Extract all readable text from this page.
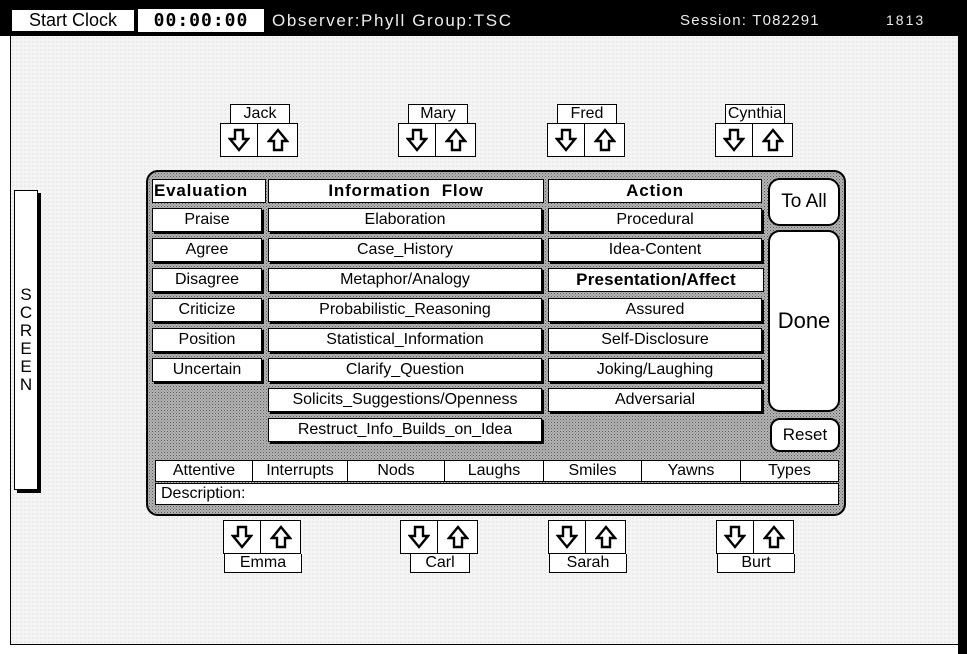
Start Clock	00:00:00	Observer:Phyll Group:TSC	Session: T082291	1813
SCREEN
Jack	Mary	Fred	Cynthia
Evaluation
Praise
Agree
Disagree
Criticize
Position
Uncertain
Information  Flow
Elaboration
Case_History
Metaphor/Analogy
Probabilistic_Reasoning
Statistical_Information
Clarify_Question
Solicits_Suggestions/Openness
Restruct_Info_Builds_on_Idea
Action
Procedural
Idea-Content
Presentation/Affect
Assured
Self-Disclosure
Joking/Laughing
Adversarial
To All
Done
Reset
Attentive	Interrupts	Nods	Laughs	Smiles	Yawns	Types
Description:
Emma	Carl	Sarah	Burt
